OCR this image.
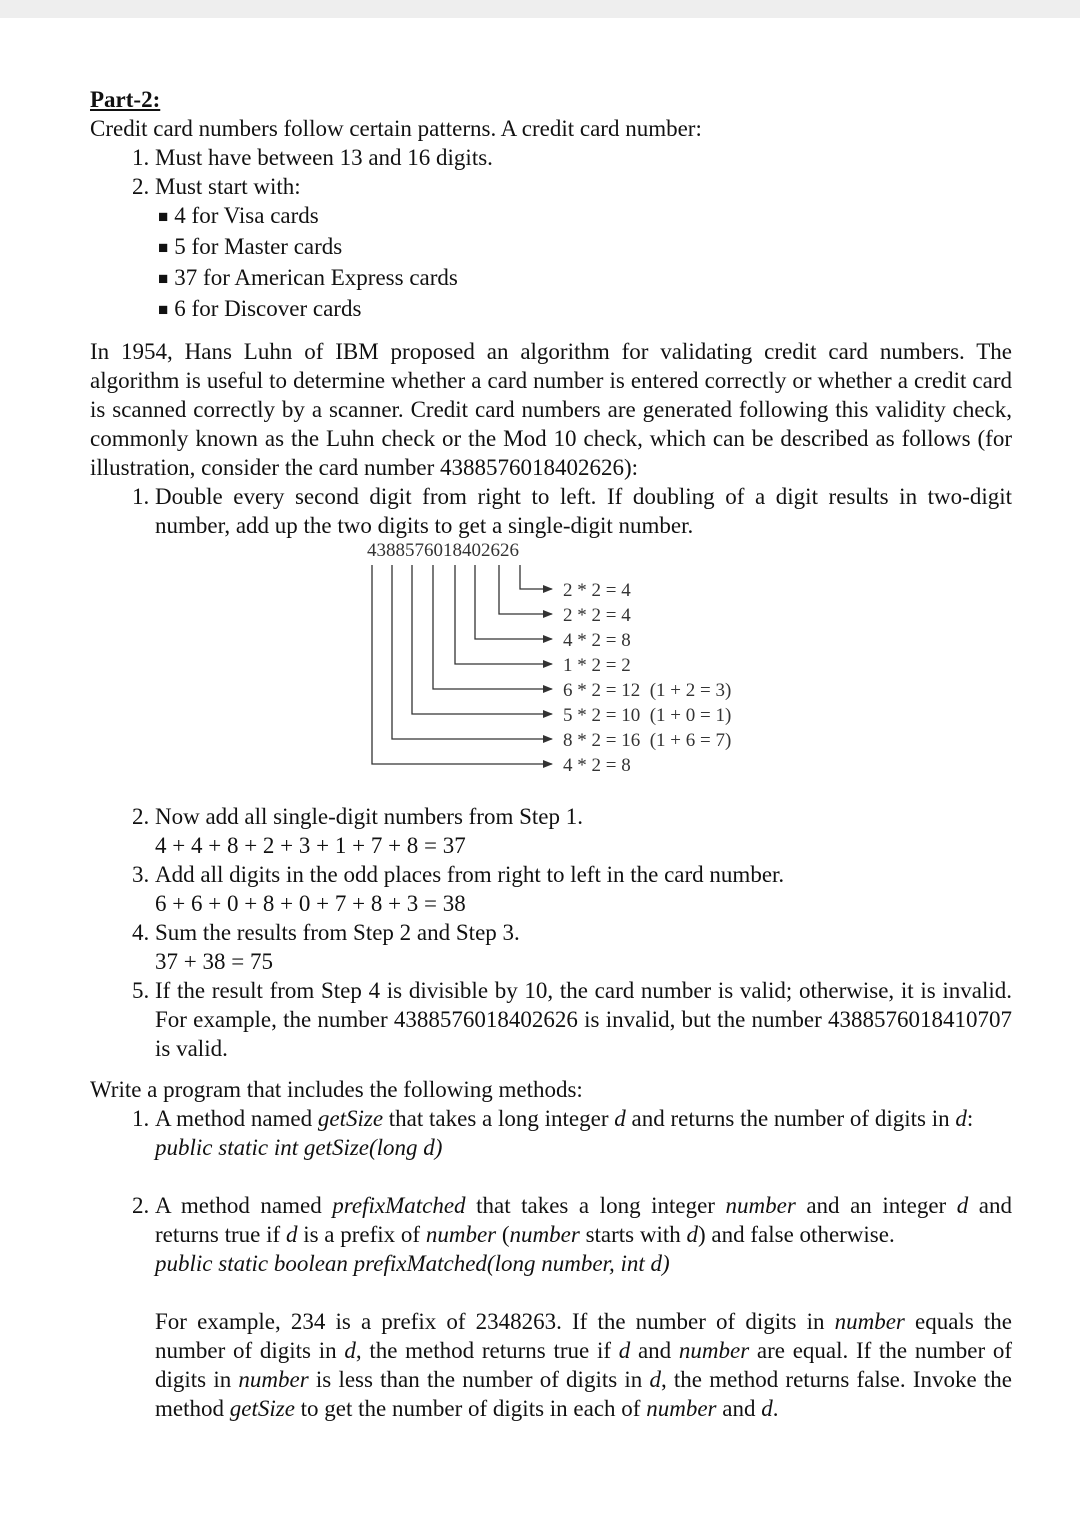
Part-2:
Credit card numbers follow certain patterns. A credit card number:
1. Must have between 13 and 16 digits.
2. Must start with:
■ 4 for Visa cards
■ 5 for Master cards
■ 37 for American Express cards
■ 6 for Discover cards
In 1954, Hans Luhn of IBM proposed an algorithm for validating credit card numbers. The algorithm is useful to determine whether a card number is entered correctly or whether a credit card is scanned correctly by a scanner. Credit card numbers are generated following this validity check, commonly known as the Luhn check or the Mod 10 check, which can be described as follows (for illustration, consider the card number 4388576018402626):
1. Double every second digit from right to left. If doubling of a digit results in two-digit number, add up the two digits to get a single-digit number.
4388576018402626
2 * 2 = 4
2 * 2 = 4
4 * 2 = 8
1 * 2 = 2
6 * 2 = 12  (1 + 2 = 3)
5 * 2 = 10  (1 + 0 = 1)
8 * 2 = 16  (1 + 6 = 7)
4 * 2 = 8
2. Now add all single-digit numbers from Step 1.
4 + 4 + 8 + 2 + 3 + 1 + 7 + 8 = 37
3. Add all digits in the odd places from right to left in the card number.
6 + 6 + 0 + 8 + 0 + 7 + 8 + 3 = 38
4. Sum the results from Step 2 and Step 3.
37 + 38 = 75
5. If the result from Step 4 is divisible by 10, the card number is valid; otherwise, it is invalid. For example, the number 4388576018402626 is invalid, but the number 4388576018410707 is valid.
Write a program that includes the following methods:
1. A method named getSize that takes a long integer d and returns the number of digits in d:
public static int getSize(long d)
2. A method named prefixMatched that takes a long integer number and an integer d and returns true if d is a prefix of number (number starts with d) and false otherwise.
public static boolean prefixMatched(long number, int d)
For example, 234 is a prefix of 2348263. If the number of digits in number equals the number of digits in d, the method returns true if d and number are equal. If the number of digits in number is less than the number of digits in d, the method returns false. Invoke the method getSize to get the number of digits in each of number and d.
